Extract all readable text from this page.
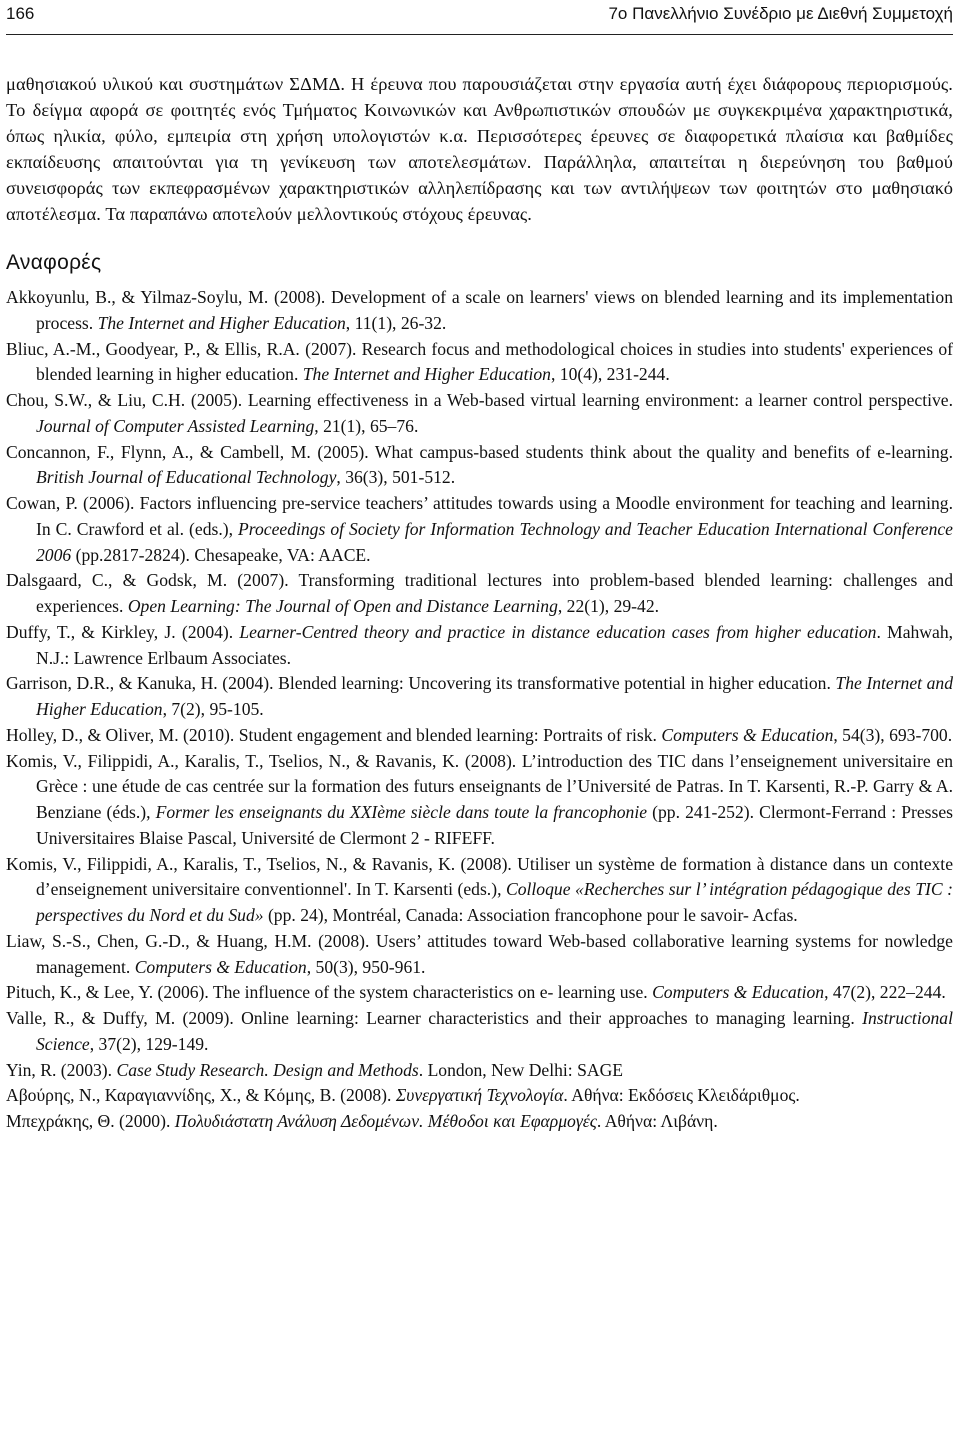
166	7ο Πανελλήνιο Συνέδριο με Διεθνή Συμμετοχή

μαθησιακού υλικού και συστημάτων ΣΔΜΔ. Η έρευνα που παρουσιάζεται στην εργασία αυτή έχει διάφορους περιορισμούς. Το δείγμα αφορά σε φοιτητές ενός Τμήματος Κοινωνικών και Ανθρωπιστικών σπουδών με συγκεκριμένα χαρακτηριστικά, όπως ηλικία, φύλο, εμπειρία στη χρήση υπολογιστών κ.α. Περισσότερες έρευνες σε διαφορετικά πλαίσια και βαθμίδες εκπαίδευσης απαιτούνται για τη γενίκευση των αποτελεσμάτων. Παράλληλα, απαιτείται η διερεύνηση του βαθμού συνεισφοράς των εκπεφρασμένων χαρακτηριστικών αλληλεπίδρασης και των αντιλήψεων των φοιτητών στο μαθησιακό αποτέλεσμα. Τα παραπάνω αποτελούν μελλοντικούς στόχους έρευνας.

Αναφορές

Akkoyunlu, B., & Yilmaz-Soylu, M. (2008). Development of a scale on learners' views on blended learning and its implementation process. The Internet and Higher Education, 11(1), 26-32.

Bliuc, A.-M., Goodyear, P., & Ellis, R.A. (2007). Research focus and methodological choices in studies into students' experiences of blended learning in higher education. The Internet and Higher Education, 10(4), 231-244.

Chou, S.W., & Liu, C.H. (2005). Learning effectiveness in a Web-based virtual learning environment: a learner control perspective. Journal of Computer Assisted Learning, 21(1), 65–76.

Concannon, F., Flynn, A., & Cambell, M. (2005). What campus-based students think about the quality and benefits of e-learning. British Journal of Educational Technology, 36(3), 501-512.

Cowan, P. (2006). Factors influencing pre-service teachers’ attitudes towards using a Moodle environment for teaching and learning. In C. Crawford et al. (eds.), Proceedings of Society for Information Technology and Teacher Education International Conference 2006 (pp.2817-2824). Chesapeake, VA: AACE.

Dalsgaard, C., & Godsk, M. (2007). Transforming traditional lectures into problem-based blended learning: challenges and experiences. Open Learning: The Journal of Open and Distance Learning, 22(1), 29-42.

Duffy, T., & Kirkley, J. (2004). Learner-Centred theory and practice in distance education cases from higher education. Mahwah, N.J.: Lawrence Erlbaum Associates.

Garrison, D.R., & Kanuka, H. (2004). Blended learning: Uncovering its transformative potential in higher education. The Internet and Higher Education, 7(2), 95-105.

Holley, D., & Oliver, M. (2010). Student engagement and blended learning: Portraits of risk. Computers & Education, 54(3), 693-700.

Komis, V., Filippidi, A., Karalis, T., Tselios, N., & Ravanis, K. (2008). L’introduction des TIC dans l’enseignement universitaire en Grèce : une étude de cas centrée sur la formation des futurs enseignants de l’Université de Patras. In T. Karsenti, R.-P. Garry & A. Benziane (éds.), Former les enseignants du XXIème siècle dans toute la francophonie (pp. 241-252). Clermont-Ferrand : Presses Universitaires Blaise Pascal, Université de Clermont 2 - RIFEFF.

Komis, V., Filippidi, A., Karalis, T., Tselios, N., & Ravanis, K. (2008). Utiliser un système de formation à distance dans un contexte d’enseignement universitaire conventionnel'. In T. Karsenti (eds.), Colloque «Recherches sur l’ intégration pédagogique des TIC : perspectives du Nord et du Sud» (pp. 24), Montréal, Canada: Association francophone pour le savoir- Acfas.

Liaw, S.-S., Chen, G.-D., & Huang, H.M. (2008). Users’ attitudes toward Web-based collaborative learning systems for nowledge management. Computers & Education, 50(3), 950-961.

Pituch, K., & Lee, Y. (2006). The influence of the system characteristics on e- learning use. Computers & Education, 47(2), 222–244.

Valle, R., & Duffy, M. (2009). Online learning: Learner characteristics and their approaches to managing learning. Instructional Science, 37(2), 129-149.

Yin, R. (2003). Case Study Research. Design and Methods. London, New Delhi: SAGE

Αβούρης, Ν., Καραγιαννίδης, Χ., & Κόμης, Β. (2008). Συνεργατική Τεχνολογία. Αθήνα: Εκδόσεις Κλειδάριθμος.

Μπεχράκης, Θ. (2000). Πολυδιάστατη Ανάλυση Δεδομένων. Μέθοδοι και Εφαρμογές. Αθήνα: Λιβάνη.
